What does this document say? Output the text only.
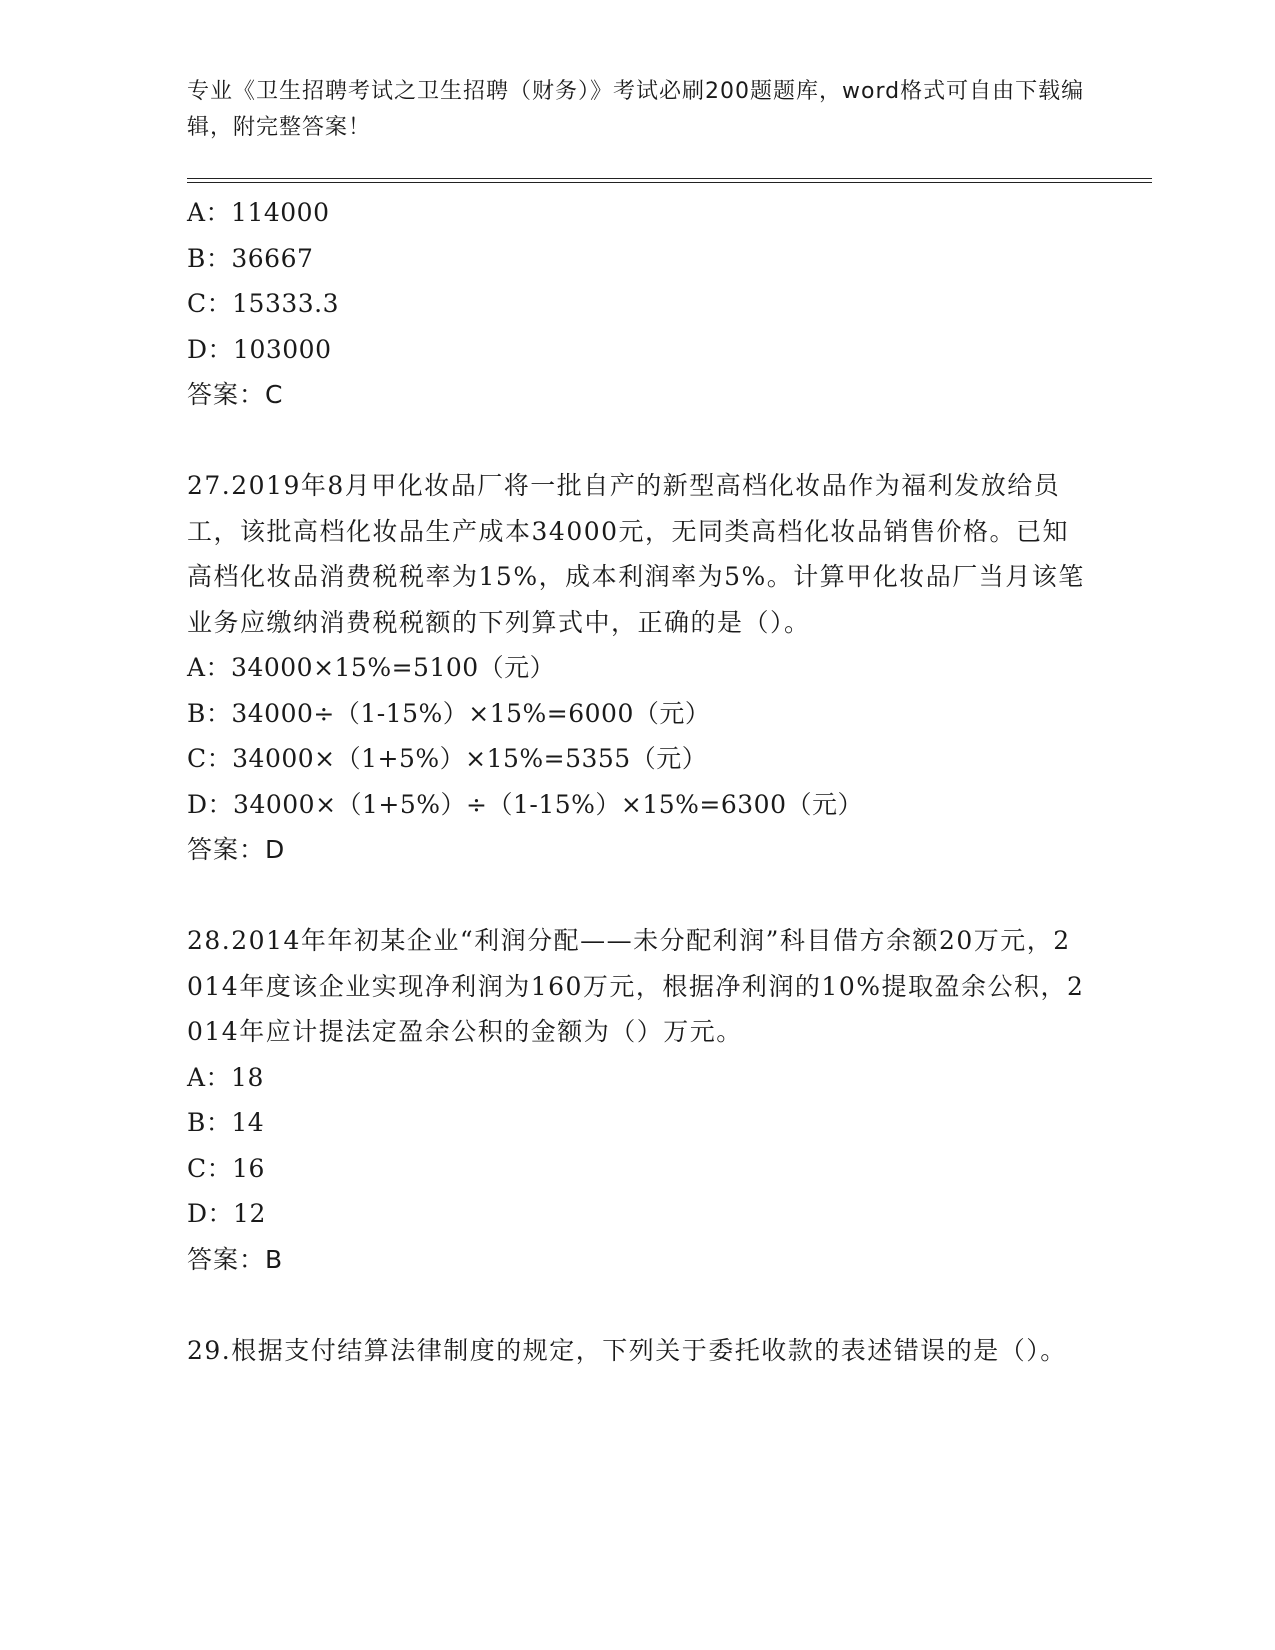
专业《卫生招聘考试之卫生招聘（财务）》考试必刷200题题库，word格式可自由下载编辑，附完整答案！
A：114000
B：36667
C：15333.3
D：103000
答案：C
27.2019年8月甲化妆品厂将一批自产的新型高档化妆品作为福利发放给员工，该批高档化妆品生产成本34000元，无同类高档化妆品销售价格。已知高档化妆品消费税税率为15%，成本利润率为5%。计算甲化妆品厂当月该笔业务应缴纳消费税税额的下列算式中，正确的是（）。
A：34000×15%=5100（元）
B：34000÷（1-15%）×15%=6000（元）
C：34000×（1+5%）×15%=5355（元）
D：34000×（1+5%）÷（1-15%）×15%=6300（元）
答案：D
28.2014年年初某企业“利润分配——未分配利润”科目借方余额20万元，2014年度该企业实现净利润为160万元，根据净利润的10%提取盈余公积，2014年应计提法定盈余公积的金额为（）万元。
A：18
B：14
C：16
D：12
答案：B
29.根据支付结算法律制度的规定，下列关于委托收款的表述错误的是（）。
